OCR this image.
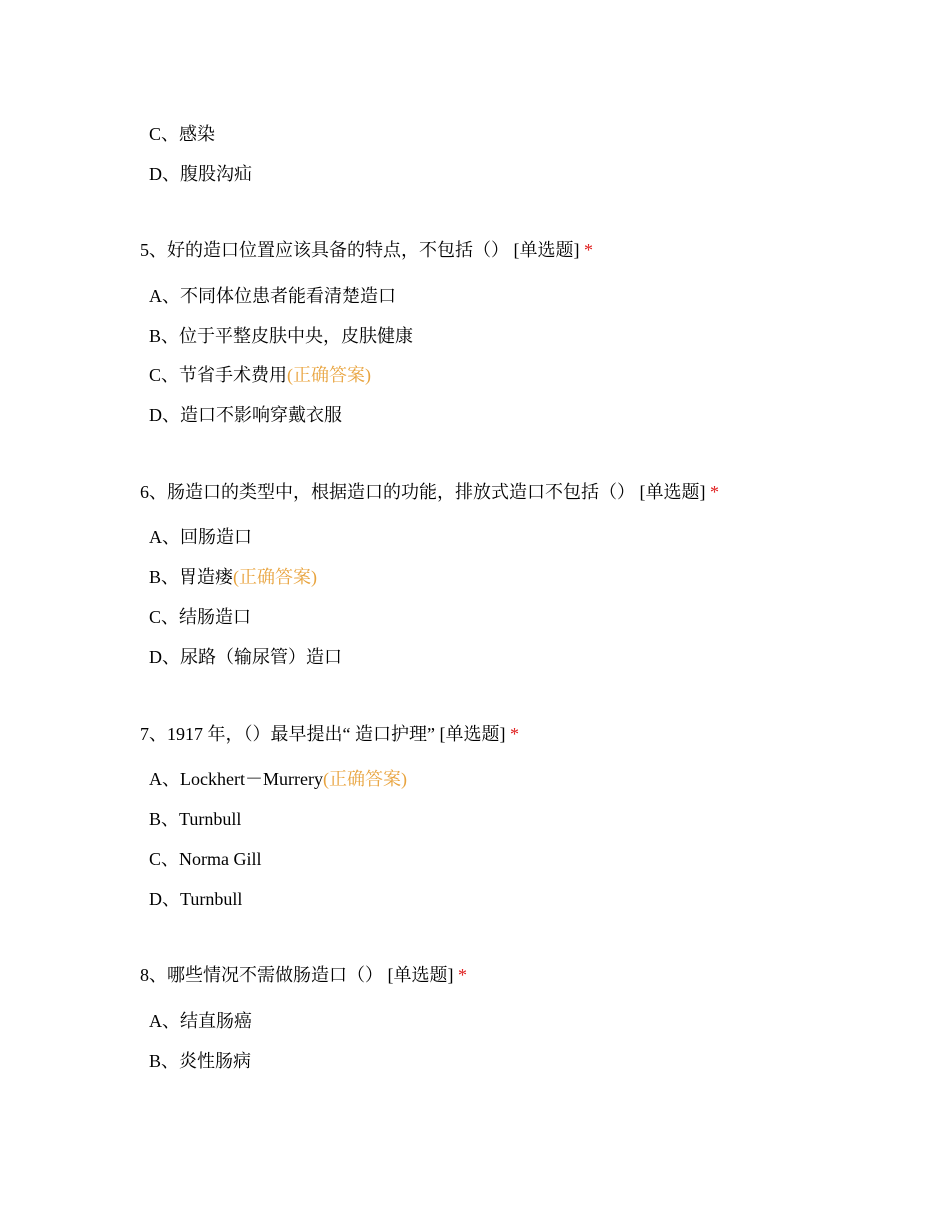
C、感染
D、腹股沟疝
5、好的造口位置应该具备的特点，不包括（） [单选题] *
A、不同体位患者能看清楚造口
B、位于平整皮肤中央，皮肤健康
C、节省手术费用(正确答案)
D、造口不影响穿戴衣服
6、肠造口的类型中，根据造口的功能，排放式造口不包括（） [单选题] *
A、回肠造口
B、胃造瘘(正确答案)
C、结肠造口
D、尿路（输尿管）造口
7、1917 年，（）最早提出“ 造口护理” [单选题] *
A、Lockhert－Murrery(正确答案)
B、Turnbull
C、Norma Gill
D、Turnbull
8、哪些情况不需做肠造口（） [单选题] *
A、结直肠癌
B、炎性肠病
